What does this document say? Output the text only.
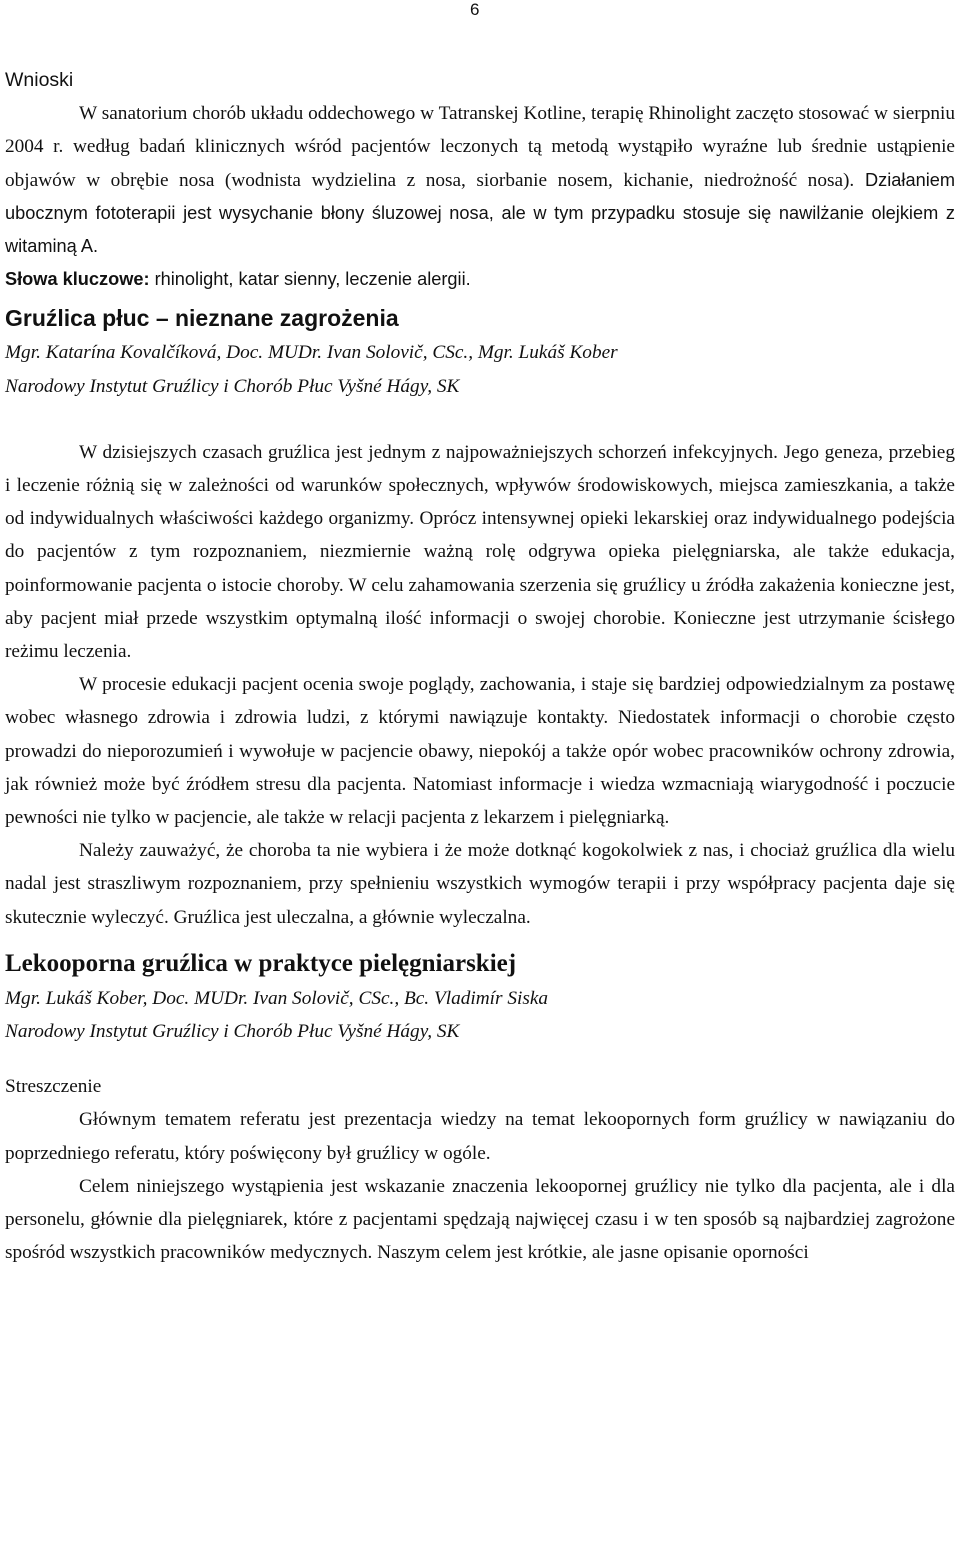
6

Wnioski

W sanatorium chorób układu oddechowego w Tatranskej Kotline, terapię Rhinolight zaczęto stosować w sierpniu 2004 r. według badań klinicznych wśród pacjentów leczonych tą metodą wystąpiło wyraźne lub średnie ustąpienie objawów w obrębie nosa (wodnista wydzielina z nosa, siorbanie nosem, kichanie, niedrożność nosa). Działaniem ubocznym fototerapii jest wysychanie błony śluzowej nosa, ale w tym przypadku stosuje się nawilżanie olejkiem z witaminą A.

Słowa kluczowe: rhinolight, katar sienny, leczenie alergii.

Gruźlica płuc – nieznane zagrożenia

Mgr. Katarína Kovalčíková, Doc. MUDr. Ivan Solovič, CSc., Mgr. Lukáš Kober

Narodowy Instytut Gruźlicy i Chorób Płuc Vyšné Hágy, SK

W dzisiejszych czasach gruźlica jest jednym z najpoważniejszych schorzeń infekcyjnych. Jego geneza, przebieg i leczenie różnią się w zależności od warunków społecznych, wpływów środowiskowych, miejsca zamieszkania, a także od indywidualnych właściwości każdego organizmy. Oprócz intensywnej opieki lekarskiej oraz indywidualnego podejścia do pacjentów z tym rozpoznaniem, niezmiernie ważną rolę odgrywa opieka pielęgniarska, ale także edukacja, poinformowanie pacjenta o istocie choroby. W celu zahamowania szerzenia się gruźlicy u źródła zakażenia konieczne jest, aby pacjent miał przede wszystkim optymalną ilość informacji o swojej chorobie. Konieczne jest utrzymanie ścisłego reżimu leczenia.

W procesie edukacji pacjent ocenia swoje poglądy, zachowania, i staje się bardziej odpowiedzialnym za postawę wobec własnego zdrowia i zdrowia ludzi, z którymi nawiązuje kontakty. Niedostatek informacji o chorobie często prowadzi do nieporozumień i wywołuje w pacjencie obawy, niepokój a także opór wobec pracowników ochrony zdrowia, jak również może być źródłem stresu dla pacjenta. Natomiast informacje i wiedza wzmacniają wiarygodność i poczucie pewności nie tylko w pacjencie, ale także w relacji pacjenta z lekarzem i pielęgniarką.

Należy zauważyć, że choroba ta nie wybiera i że może dotknąć kogokolwiek z nas, i chociaż gruźlica dla wielu nadal jest straszliwym rozpoznaniem, przy spełnieniu wszystkich wymogów terapii i przy współpracy pacjenta daje się skutecznie wyleczyć. Gruźlica jest uleczalna, a głównie wyleczalna.

Lekooporna gruźlica w praktyce pielęgniarskiej

Mgr. Lukáš Kober, Doc. MUDr. Ivan Solovič, CSc., Bc. Vladimír Siska

Narodowy Instytut Gruźlicy i Chorób Płuc Vyšné Hágy, SK

Streszczenie

Głównym tematem referatu jest prezentacja wiedzy na temat lekoopornych form gruźlicy w nawiązaniu do poprzedniego referatu, który poświęcony był gruźlicy w ogóle.

Celem niniejszego wystąpienia jest wskazanie znaczenia lekoopornej gruźlicy nie tylko dla pacjenta, ale i dla personelu, głównie dla pielęgniarek, które z pacjentami spędzają najwięcej czasu i w ten sposób są najbardziej zagrożone spośród wszystkich pracowników medycznych. Naszym celem jest krótkie, ale jasne opisanie oporności
